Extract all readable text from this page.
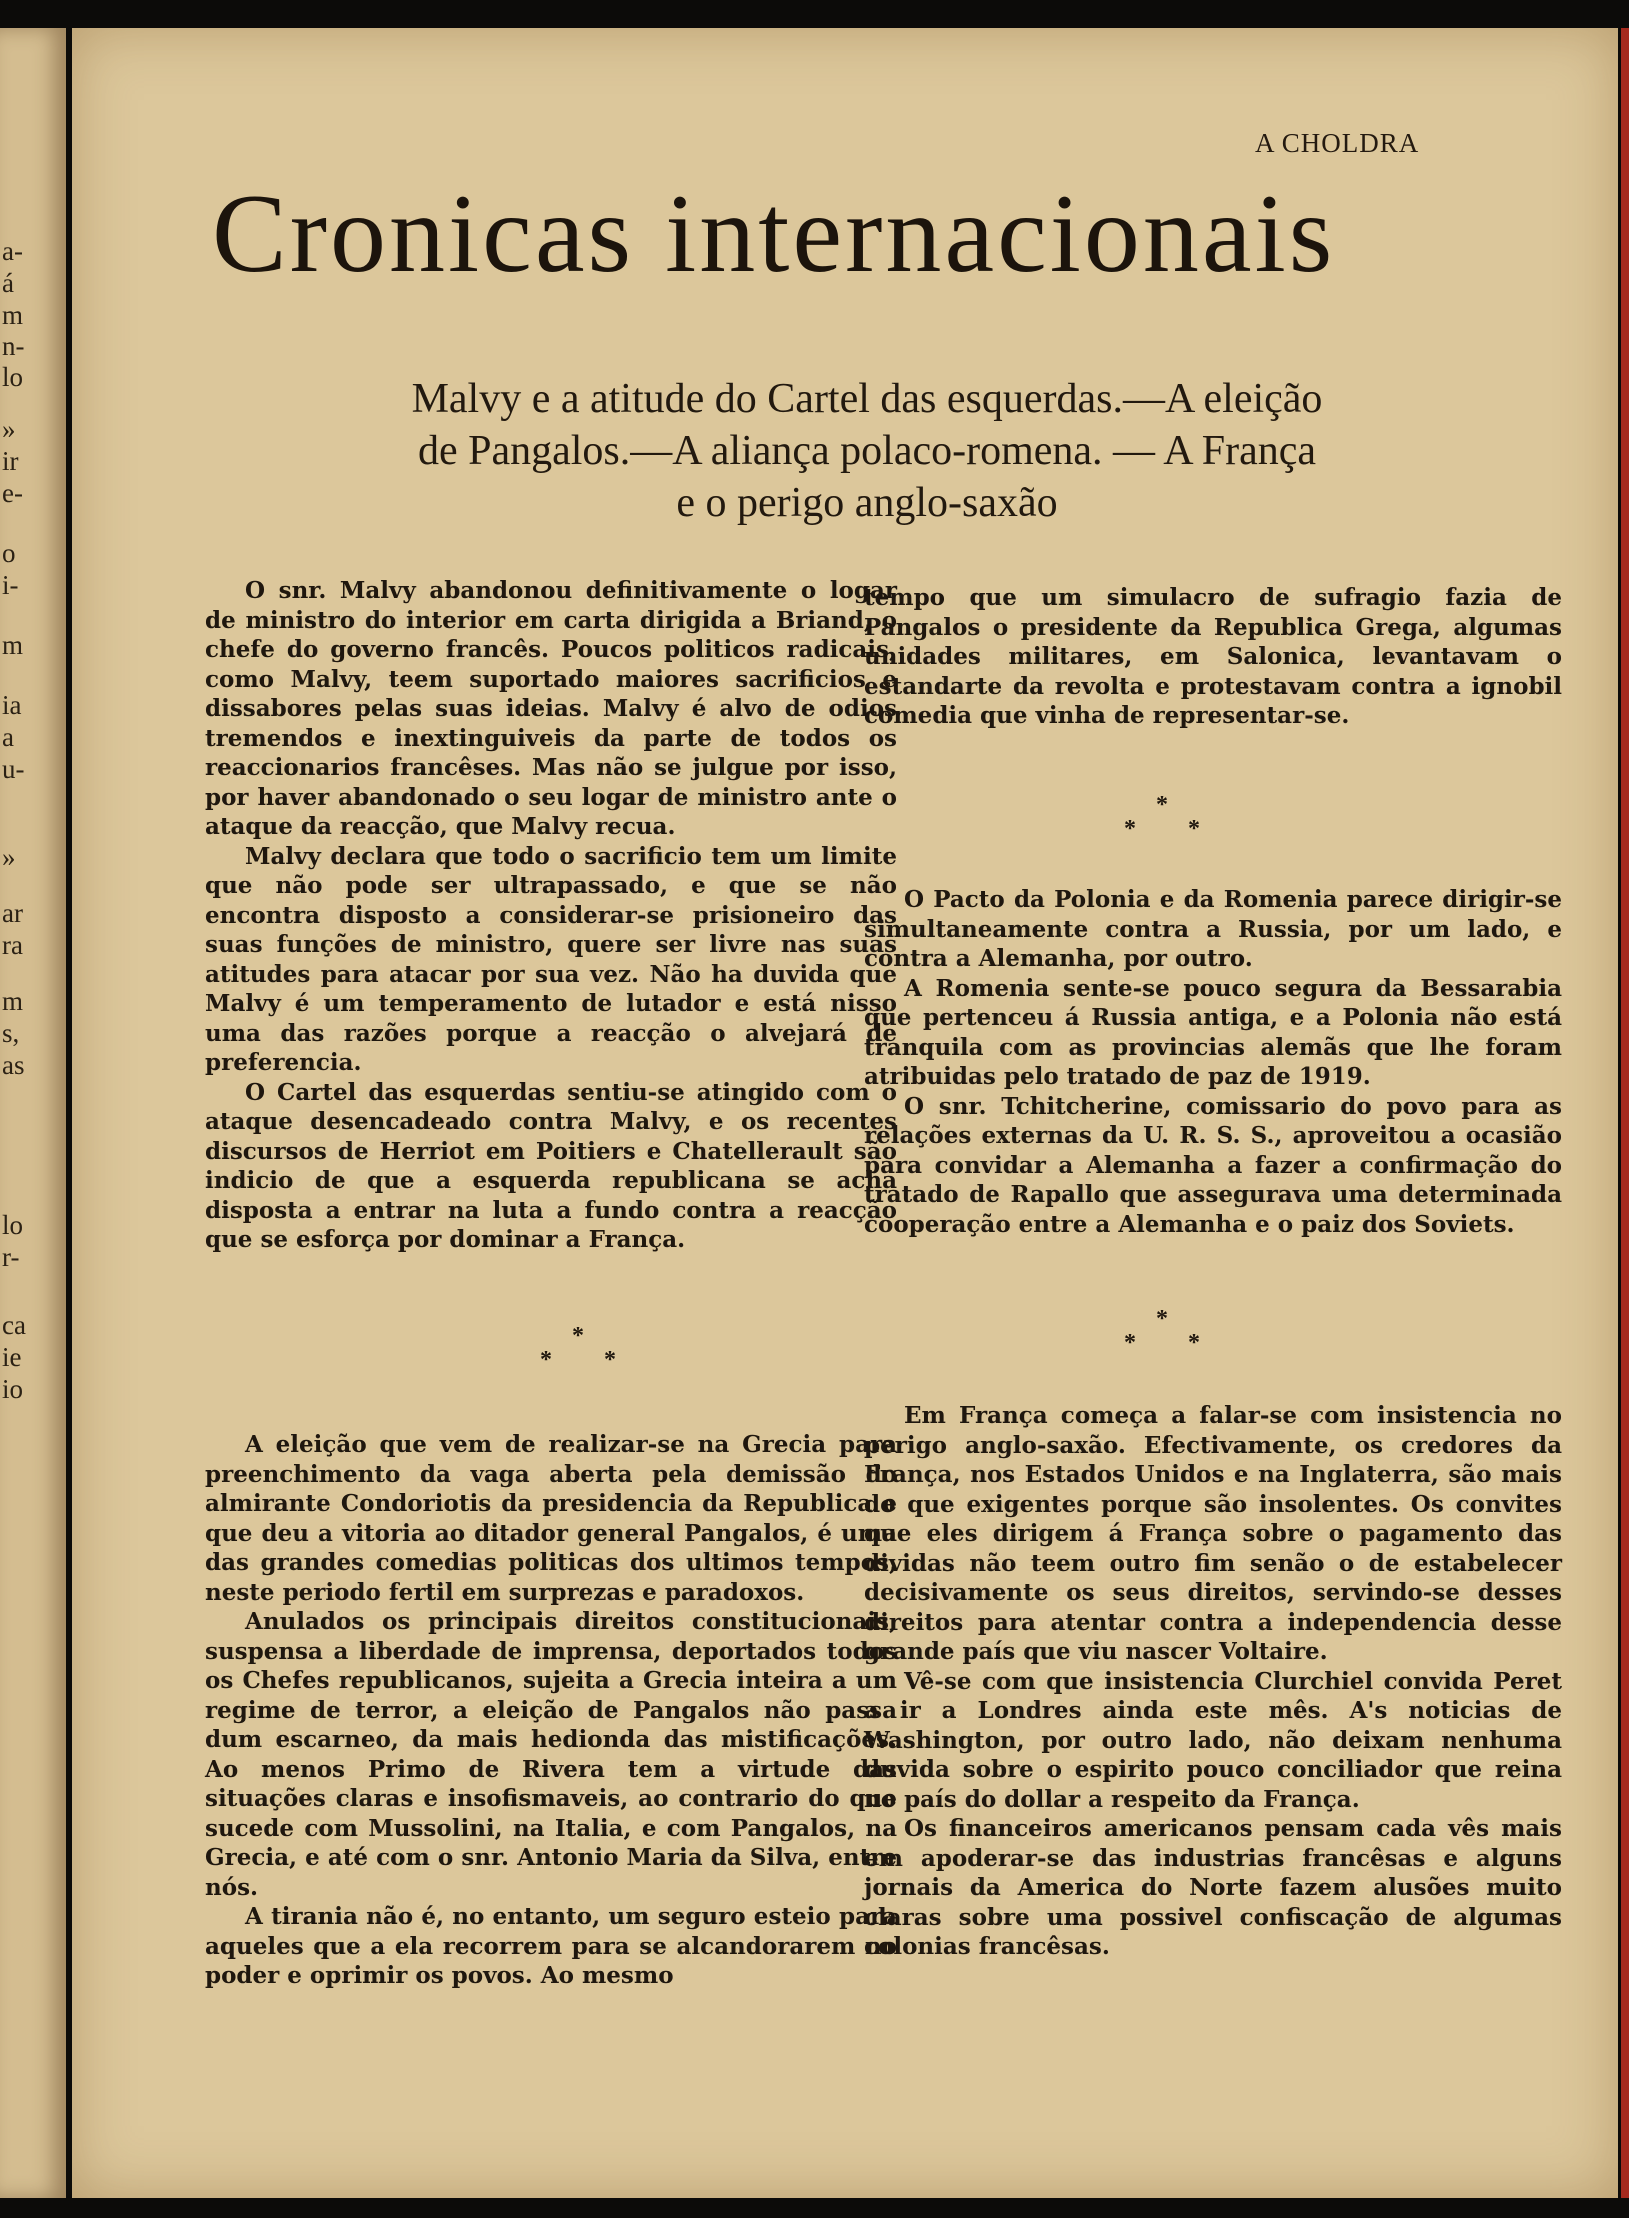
a-
á
m
n-
lo
»
ir
e-
o
i-
m
ia
a
u-
»
ar
ra
m
s,
as
lo
r-
ca
ie
io
A CHOLDRA
Cronicas internacionais
Malvy e a atitude do Cartel das esquerdas.—A eleição
de Pangalos.—A aliança polaco-romena. — A França
e o perigo anglo-saxão

O snr. Malvy abandonou definitivamente o logar de ministro do interior em carta dirigida a Briand, o chefe do governo francês. Poucos politicos radicais, como Malvy, teem suportado maiores sacrificios e dissabores pelas suas ideias. Malvy é alvo de odios tremendos e inextinguiveis da parte de todos os reaccionarios francêses. Mas não se julgue por isso, por haver abandonado o seu logar de ministro ante o ataque da reacção, que Malvy recua.

Malvy declara que todo o sacrificio tem um limite que não pode ser ultrapassado, e que se não encontra disposto a considerar-se prisioneiro das suas funções de ministro, quere ser livre nas suas atitudes para atacar por sua vez. Não ha duvida que Malvy é um temperamento de lutador e está nisso uma das razões porque a reacção o alvejará de preferencia.

O Cartel das esquerdas sentiu-se atingido com o ataque desencadeado contra Malvy, e os recentes discursos de Herriot em Poitiers e Chatellerault são indicio de que a esquerda republicana se acha disposta a entrar na luta a fundo contra a reacção que se esforça por dominar a França.

*
* *

A eleição que vem de realizar-se na Grecia para preenchimento da vaga aberta pela demissão do almirante Condoriotis da presidencia da Republica e que deu a vitoria ao ditador general Pangalos, é uma das grandes comedias politicas dos ultimos tempos, neste periodo fertil em surprezas e paradoxos.

Anulados os principais direitos constitucionais, suspensa a liberdade de imprensa, deportados todos os Chefes republicanos, sujeita a Grecia inteira a um regime de terror, a eleição de Pangalos não passa dum escarneo, da mais hedionda das mistificações. Ao menos Primo de Rivera tem a virtude das situações claras e insofismaveis, ao contrario do que sucede com Mussolini, na Italia, e com Pangalos, na Grecia, e até com o snr. Antonio Maria da Silva, entre nós.

A tirania não é, no entanto, um seguro esteio para aqueles que a ela recorrem para se alcandorarem no poder e oprimir os povos. Ao mesmo

tempo que um simulacro de sufragio fazia de Pangalos o presidente da Republica Grega, algumas unidades militares, em Salonica, levantavam o estandarte da revolta e protestavam contra a ignobil comedia que vinha de representar-se.

*
* *

O Pacto da Polonia e da Romenia parece dirigir-se simultaneamente contra a Russia, por um lado, e contra a Alemanha, por outro.

A Romenia sente-se pouco segura da Bessarabia que pertenceu á Russia antiga, e a Polonia não está tranquila com as provincias alemãs que lhe foram atribuidas pelo tratado de paz de 1919.

O snr. Tchitcherine, comissario do povo para as relações externas da U. R. S. S., aproveitou a ocasião para convidar a Alemanha a fazer a confirmação do tratado de Rapallo que assegurava uma determinada cooperação entre a Alemanha e o paiz dos Soviets.

*
* *

Em França começa a falar-se com insistencia no perigo anglo-saxão. Efectivamente, os credores da França, nos Estados Unidos e na Inglaterra, são mais do que exigentes porque são insolentes. Os convites que eles dirigem á França sobre o pagamento das dividas não teem outro fim senão o de estabelecer decisivamente os seus direitos, servindo-se desses direitos para atentar contra a independencia desse grande país que viu nascer Voltaire.

Vê-se com que insistencia Clurchiel convida Peret a ir a Londres ainda este mês. A's noticias de Washington, por outro lado, não deixam nenhuma duvida sobre o espirito pouco conciliador que reina no país do dollar a respeito da França.

Os financeiros americanos pensam cada vês mais em apoderar-se das industrias francêsas e alguns jornais da America do Norte fazem alusões muito claras sobre uma possivel confiscação de algumas colonias francêsas.
